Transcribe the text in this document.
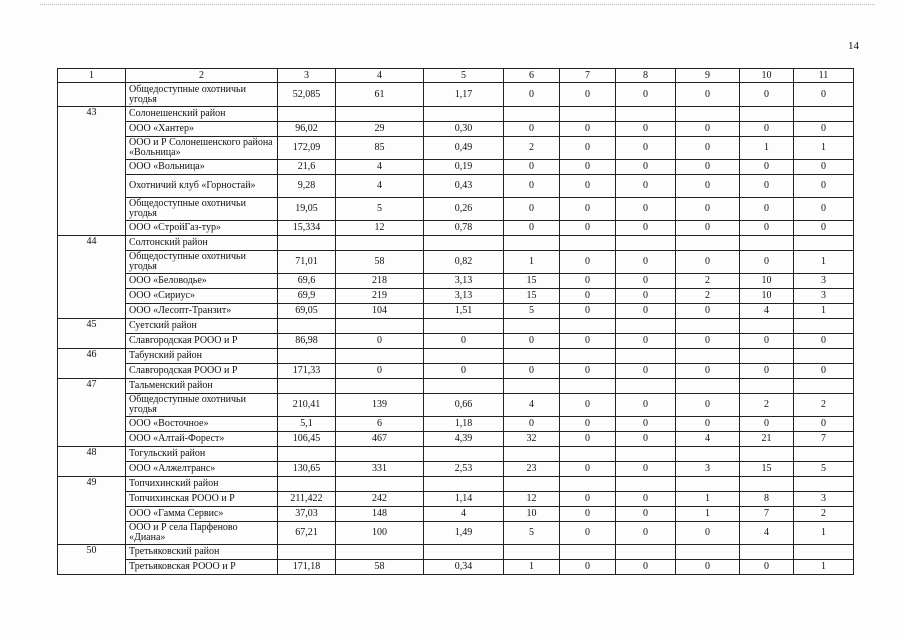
14
1	2	3	4	5	6	7	8	9	10	11
	Общедоступные охотничьи угодья	52,085	61	1,17	0	0	0	0	0	0
43	Солонешенский район									
	ООО «Хантер»	96,02	29	0,30	0	0	0	0	0	0
	ООО и Р Солонешенского района «Вольница»	172,09	85	0,49	2	0	0	0	1	1
	ООО «Вольница»	21,6	4	0,19	0	0	0	0	0	0
	Охотничий клуб «Горностай»	9,28	4	0,43	0	0	0	0	0	0
	Общедоступные охотничьи угодья	19,05	5	0,26	0	0	0	0	0	0
	ООО «СтройГаз-тур»	15,334	12	0,78	0	0	0	0	0	0
44	Солтонский район									
	Общедоступные охотничьи угодья	71,01	58	0,82	1	0	0	0	0	1
	ООО «Беловодье»	69,6	218	3,13	15	0	0	2	10	3
	ООО «Сириус»	69,9	219	3,13	15	0	0	2	10	3
	ООО «Лесопт-Транзит»	69,05	104	1,51	5	0	0	0	4	1
45	Суетский район									
	Славгородская РООО и Р	86,98	0	0	0	0	0	0	0	0
46	Табунский район									
	Славгородская РООО и Р	171,33	0	0	0	0	0	0	0	0
47	Тальменский район									
	Общедоступные охотничьи угодья	210,41	139	0,66	4	0	0	0	2	2
	ООО «Восточное»	5,1	6	1,18	0	0	0	0	0	0
	ООО «Алтай-Форест»	106,45	467	4,39	32	0	0	4	21	7
48	Тогульский район									
	ООО «Алжелтранс»	130,65	331	2,53	23	0	0	3	15	5
49	Топчихинский район									
	Топчихинская РООО и Р	211,422	242	1,14	12	0	0	1	8	3
	ООО «Гамма Сервис»	37,03	148	4	10	0	0	1	7	2
	ООО и Р села Парфеново «Диана»	67,21	100	1,49	5	0	0	0	4	1
50	Третьяковский район									
	Третьяковская РООО и Р	171,18	58	0,34	1	0	0	0	0	1
